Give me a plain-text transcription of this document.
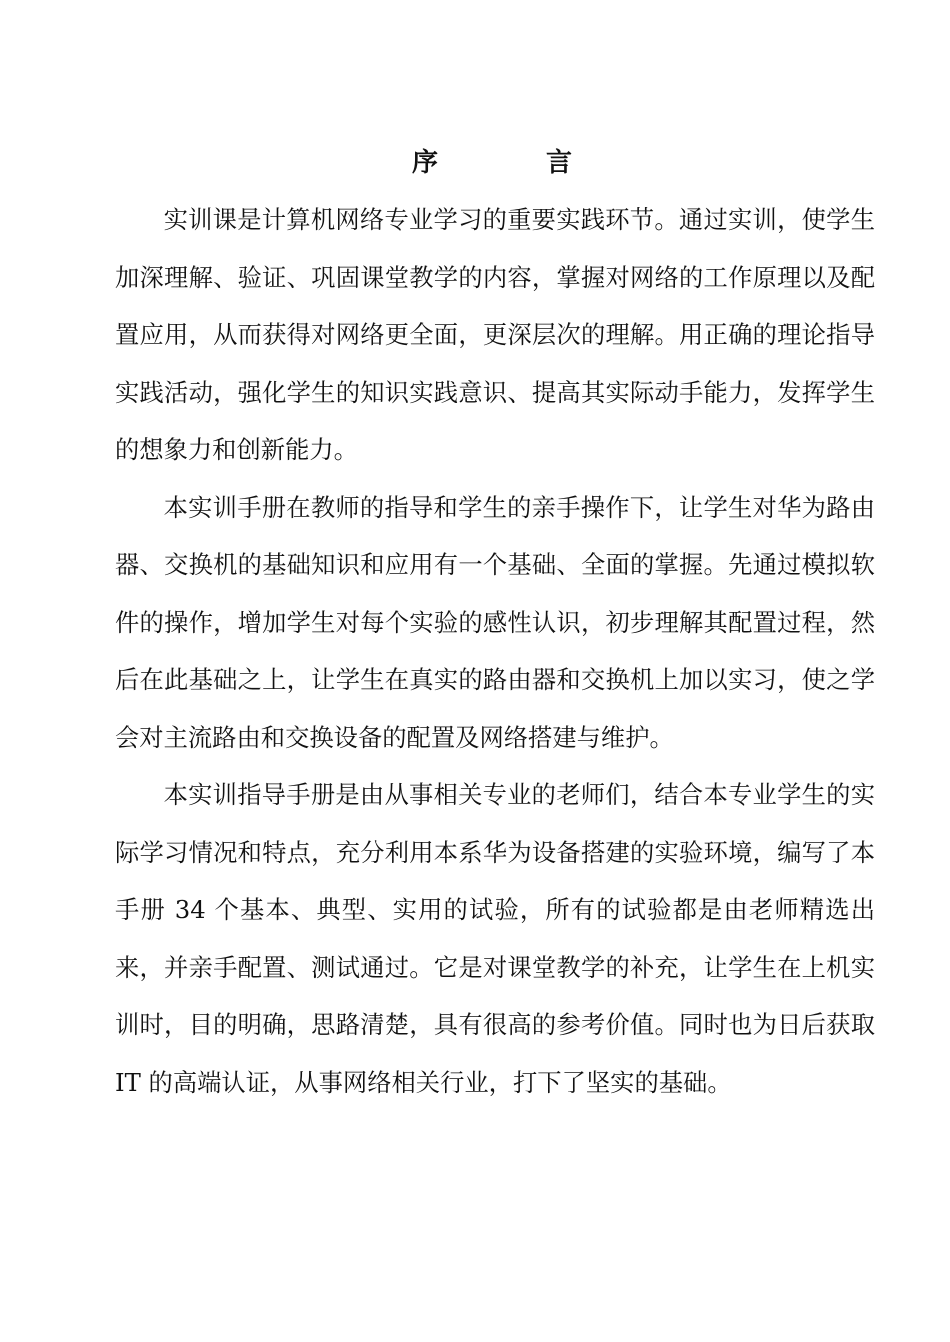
序	言

实训课是计算机网络专业学习的重要实践环节。通过实训，使学生加深理解、验证、巩固课堂教学的内容，掌握对网络的工作原理以及配置应用，从而获得对网络更全面，更深层次的理解。用正确的理论指导实践活动，强化学生的知识实践意识、提高其实际动手能力，发挥学生的想象力和创新能力。

本实训手册在教师的指导和学生的亲手操作下，让学生对华为路由器、交换机的基础知识和应用有一个基础、全面的掌握。先通过模拟软件的操作，增加学生对每个实验的感性认识，初步理解其配置过程，然后在此基础之上，让学生在真实的路由器和交换机上加以实习，使之学会对主流路由和交换设备的配置及网络搭建与维护。

本实训指导手册是由从事相关专业的老师们，结合本专业学生的实际学习情况和特点，充分利用本系华为设备搭建的实验环境，编写了本手册 34 个基本、典型、实用的试验，所有的试验都是由老师精选出来，并亲手配置、测试通过。它是对课堂教学的补充，让学生在上机实训时，目的明确，思路清楚，具有很高的参考价值。同时也为日后获取 IT 的高端认证，从事网络相关行业，打下了坚实的基础。
